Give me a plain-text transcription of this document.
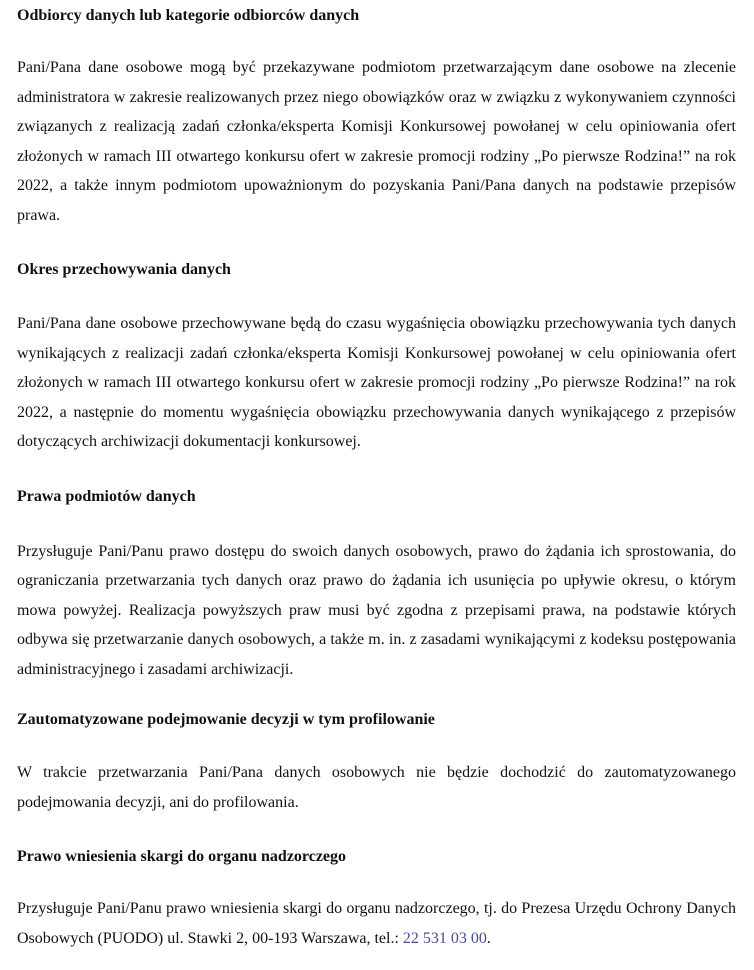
Odbiorcy danych lub kategorie odbiorców danych

Pani/Pana dane osobowe mogą być przekazywane podmiotom przetwarzającym dane osobowe na zlecenie administratora w zakresie realizowanych przez niego obowiązków oraz w związku z wykonywaniem czynności związanych z realizacją zadań członka/eksperta Komisji Konkursowej powołanej w celu opiniowania ofert złożonych w ramach III otwartego konkursu ofert w zakresie promocji rodziny „Po pierwsze Rodzina!” na rok 2022, a także innym podmiotom upoważnionym do pozyskania Pani/Pana danych na podstawie przepisów prawa.

Okres przechowywania danych

Pani/Pana dane osobowe przechowywane będą do czasu wygaśnięcia obowiązku przechowywania tych danych wynikających z realizacji zadań członka/eksperta Komisji Konkursowej powołanej w celu opiniowania ofert złożonych w ramach III otwartego konkursu ofert w zakresie promocji rodziny „Po pierwsze Rodzina!” na rok 2022, a następnie do momentu wygaśnięcia obowiązku przechowywania danych wynikającego z przepisów dotyczących archiwizacji dokumentacji konkursowej.

Prawa podmiotów danych

Przysługuje Pani/Panu prawo dostępu do swoich danych osobowych, prawo do żądania ich sprostowania, do ograniczania przetwarzania tych danych oraz prawo do żądania ich usunięcia po upływie okresu, o którym mowa powyżej. Realizacja powyższych praw musi być zgodna z przepisami prawa, na podstawie których odbywa się przetwarzanie danych osobowych, a także m. in. z zasadami wynikającymi z kodeksu postępowania administracyjnego i zasadami archiwizacji.

Zautomatyzowane podejmowanie decyzji w tym profilowanie

W trakcie przetwarzania Pani/Pana danych osobowych nie będzie dochodzić do zautomatyzowanego podejmowania decyzji, ani do profilowania.

Prawo wniesienia skargi do organu nadzorczego

Przysługuje Pani/Panu prawo wniesienia skargi do organu nadzorczego, tj. do Prezesa Urzędu Ochrony Danych Osobowych (PUODO) ul. Stawki 2, 00-193 Warszawa, tel.: 22 531 03 00.
